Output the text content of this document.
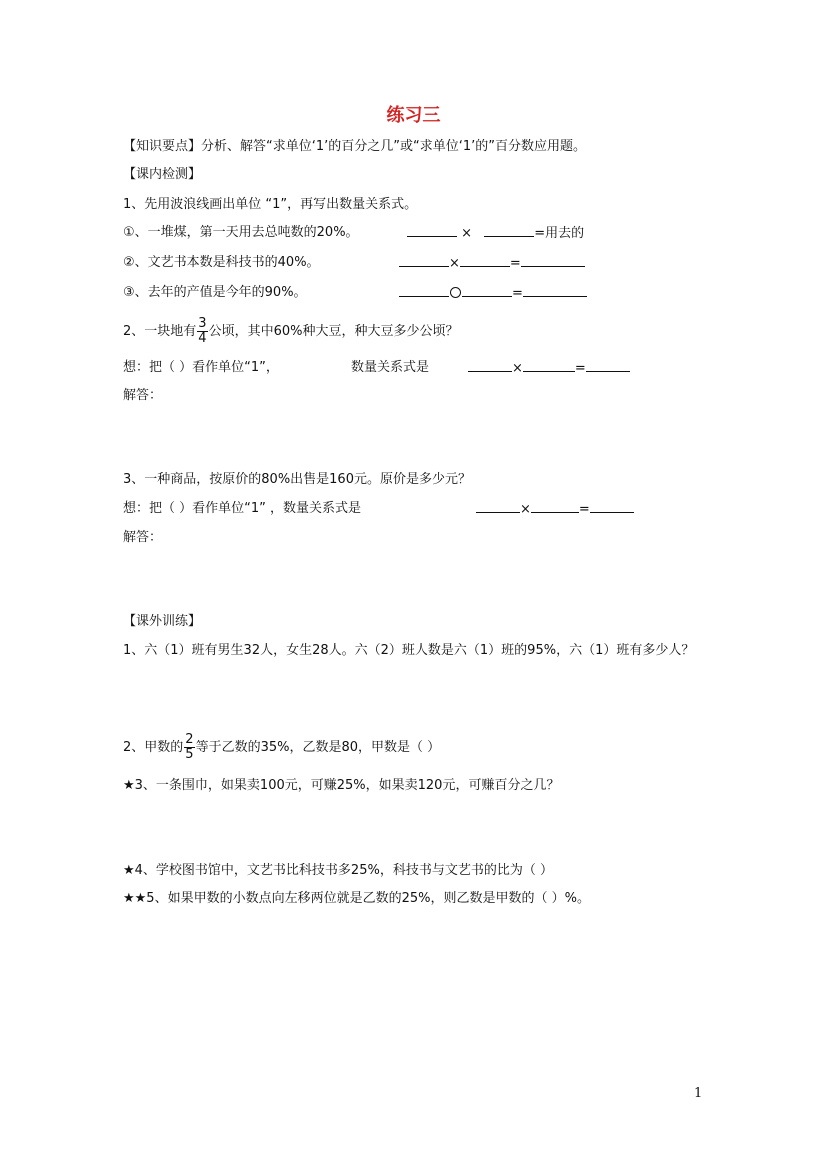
练习三
【知识要点】分析、解答“求单位‘1’的百分之几”或“求单位‘1’的”百分数应用题。
【课内检测】
1、先用波浪线画出单位 “1”，再写出数量关系式。
①、一堆煤，第一天用去总吨数的20%。	×	=用去的
②、文艺书本数是科技书的40%。	×	=
③、去年的产值是今年的90%。	=
2、一块地有 $\frac{3}{4}$ 公顷，其中60%种大豆，种大豆多少公顷？
想：把（ ）看作单位“1”，	数量关系式是	×	=
解答：
3、一种商品，按原价的80%出售是160元。原价是多少元？
想：把（ ）看作单位“1” ，数量关系式是	×	=
解答：
【课外训练】
1、六（1）班有男生32人，女生28人。六（2）班人数是六（1）班的95%，六（1）班有多少人？
2、甲数的 $\frac{2}{5}$ 等于乙数的35%，乙数是80，甲数是（ ）
★3、一条围巾，如果卖100元，可赚25%，如果卖120元，可赚百分之几？
★4、学校图书馆中，文艺书比科技书多25%，科技书与文艺书的比为（ ）
★★5、如果甲数的小数点向左移两位就是乙数的25%，则乙数是甲数的（ ）%。
1
